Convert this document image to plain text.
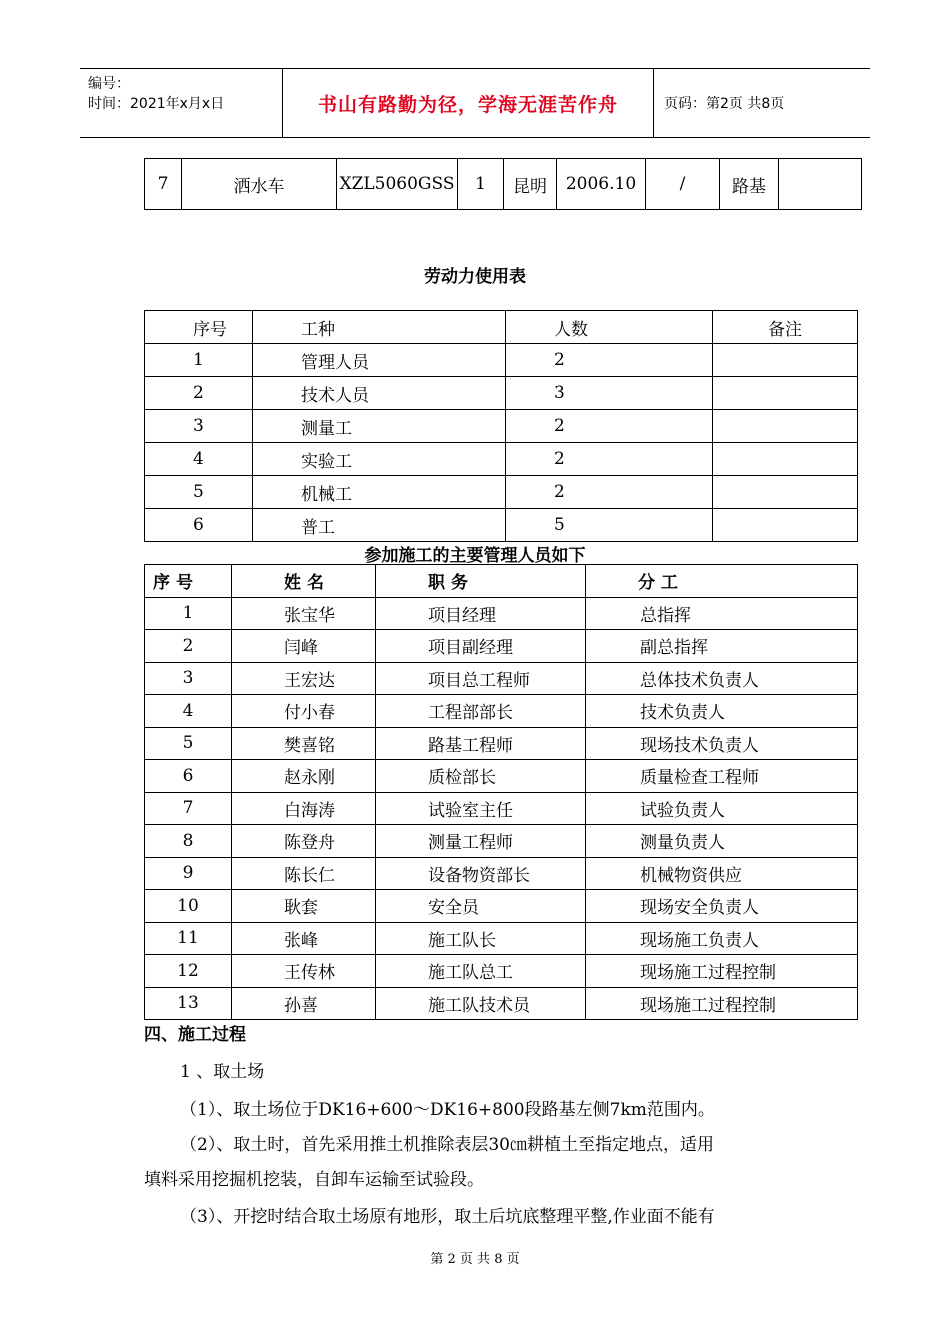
编号：
时间：2021年x月x日	书山有路勤为径，学海无涯苦作舟	页码：第2页 共8页
7	洒水车	XZL5060GSS	1	昆明	2006.10	/	路基	
劳动力使用表
序号	工种	人数	备注
1	管理人员	2	
2	技术人员	3	
3	测量工	2	
4	实验工	2	
5	机械工	2	
6	普工	5	
参加施工的主要管理人员如下
序号	姓名	职务	分工
1	张宝华	项目经理	总指挥
2	闫峰	项目副经理	副总指挥
3	王宏达	项目总工程师	总体技术负责人
4	付小春	工程部部长	技术负责人
5	樊喜铭	路基工程师	现场技术负责人
6	赵永刚	质检部长	质量检查工程师
7	白海涛	试验室主任	试验负责人
8	陈登舟	测量工程师	测量负责人
9	陈长仁	设备物资部长	机械物资供应
10	耿套	安全员	现场安全负责人
11	张峰	施工队长	现场施工负责人
12	王传林	施工队总工	现场施工过程控制
13	孙喜	施工队技术员	现场施工过程控制
四、施工过程
1 、取土场
（1）、取土场位于DK16+600～DK16+800段路基左侧7km范围内。
（2）、取土时，首先采用推土机推除表层30㎝耕植土至指定地点，适用
填料采用挖掘机挖装，自卸车运输至试验段。
（3）、开挖时结合取土场原有地形，取土后坑底整理平整,作业面不能有
第 2 页 共 8 页
